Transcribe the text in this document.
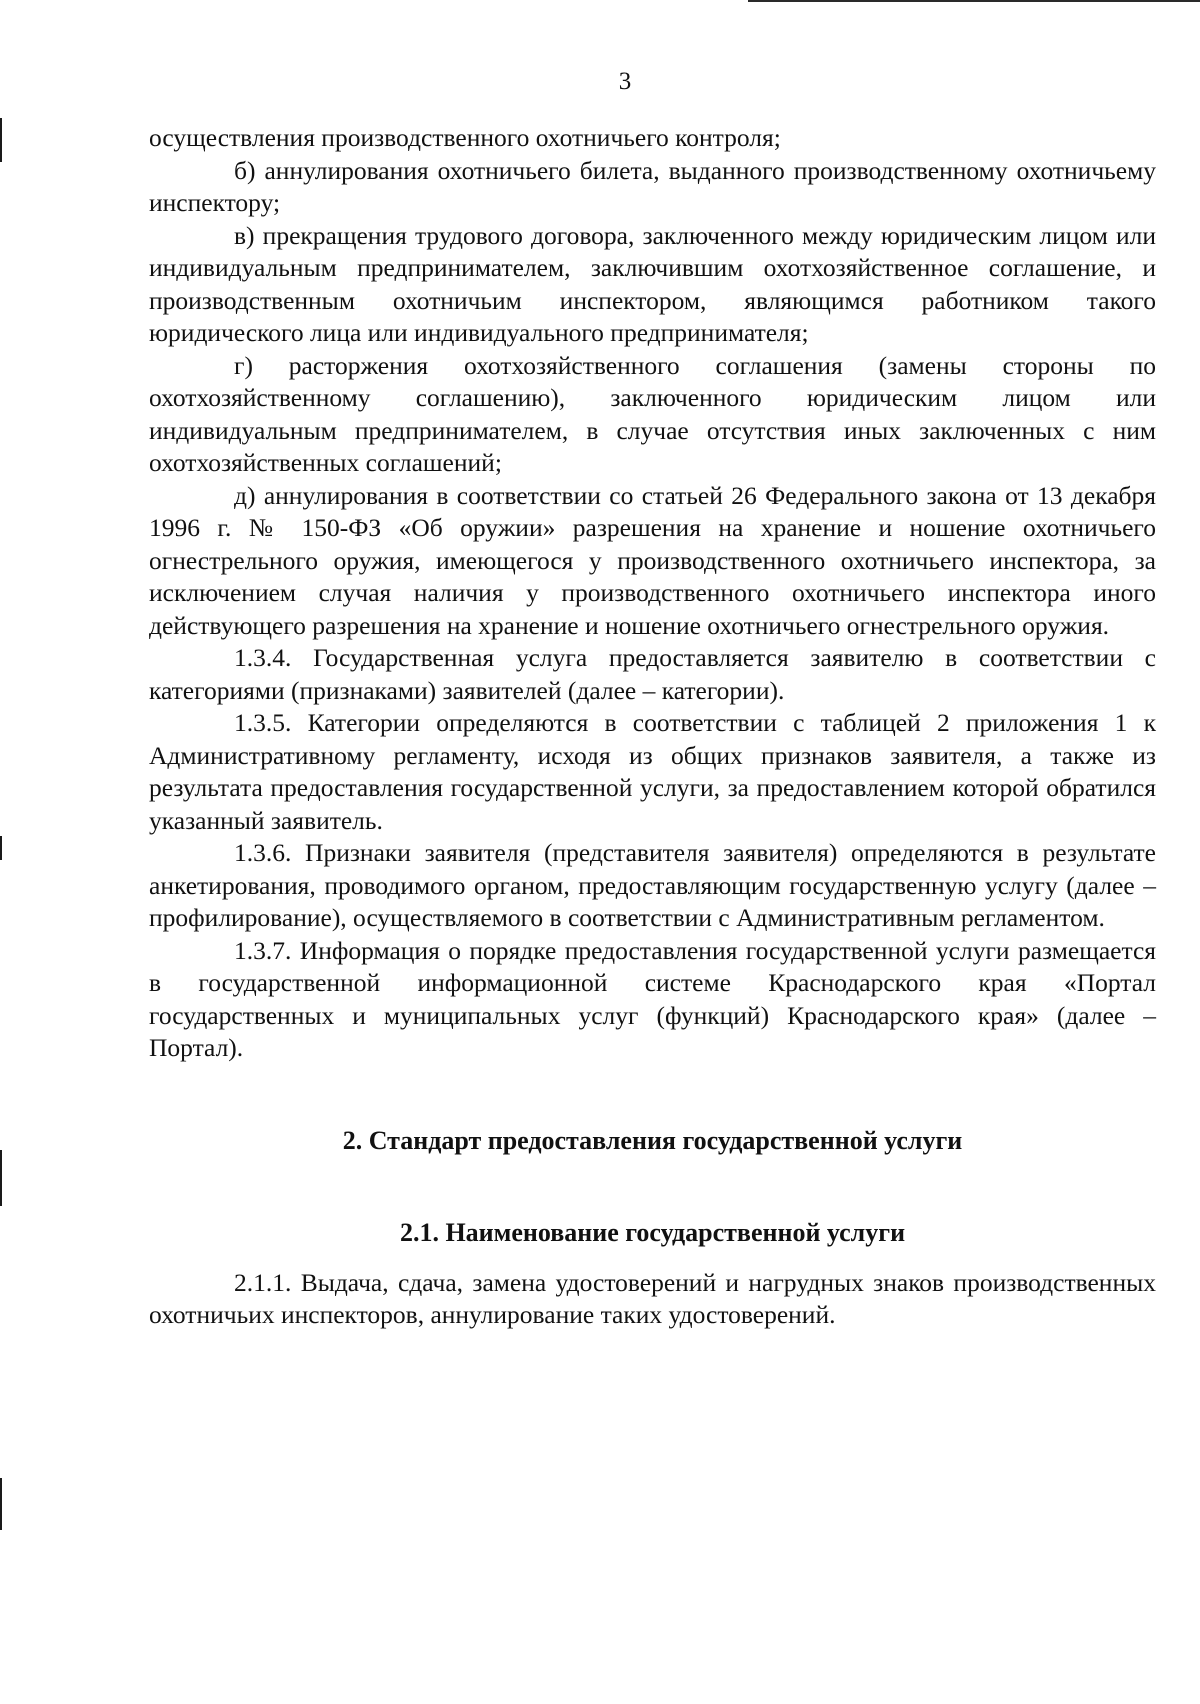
3

осуществления производственного охотничьего контроля;

б) аннулирования охотничьего билета, выданного производственному охотничьему инспектору;

в) прекращения трудового договора, заключенного между юридическим лицом или индивидуальным предпринимателем, заключившим охотхозяйственное соглашение, и производственным охотничьим инспектором, являющимся работником такого юридического лица или индивидуального предпринимателя;

г) расторжения охотхозяйственного соглашения (замены стороны по охотхозяйственному соглашению), заключенного юридическим лицом или индивидуальным предпринимателем, в случае отсутствия иных заключенных с ним охотхозяйственных соглашений;

д) аннулирования в соответствии со статьей 26 Федерального закона от 13 декабря 1996 г. № 150-ФЗ «Об оружии» разрешения на хранение и ношение охотничьего огнестрельного оружия, имеющегося у производственного охотничьего инспектора, за исключением случая наличия у производственного охотничьего инспектора иного действующего разрешения на хранение и ношение охотничьего огнестрельного оружия.

1.3.4. Государственная услуга предоставляется заявителю в соответствии с категориями (признаками) заявителей (далее – категории).

1.3.5. Категории определяются в соответствии с таблицей 2 приложения 1 к Административному регламенту, исходя из общих признаков заявителя, а также из результата предоставления государственной услуги, за предоставлением которой обратился указанный заявитель.

1.3.6. Признаки заявителя (представителя заявителя) определяются в результате анкетирования, проводимого органом, предоставляющим государственную услугу (далее – профилирование), осуществляемого в соответствии с Административным регламентом.

1.3.7. Информация о порядке предоставления государственной услуги размещается в государственной информационной системе Краснодарского края «Портал государственных и муниципальных услуг (функций) Краснодарского края» (далее – Портал).

2. Стандарт предоставления государственной услуги
2.1. Наименование государственной услуги

2.1.1. Выдача, сдача, замена удостоверений и нагрудных знаков производственных охотничьих инспекторов, аннулирование таких удостоверений.
